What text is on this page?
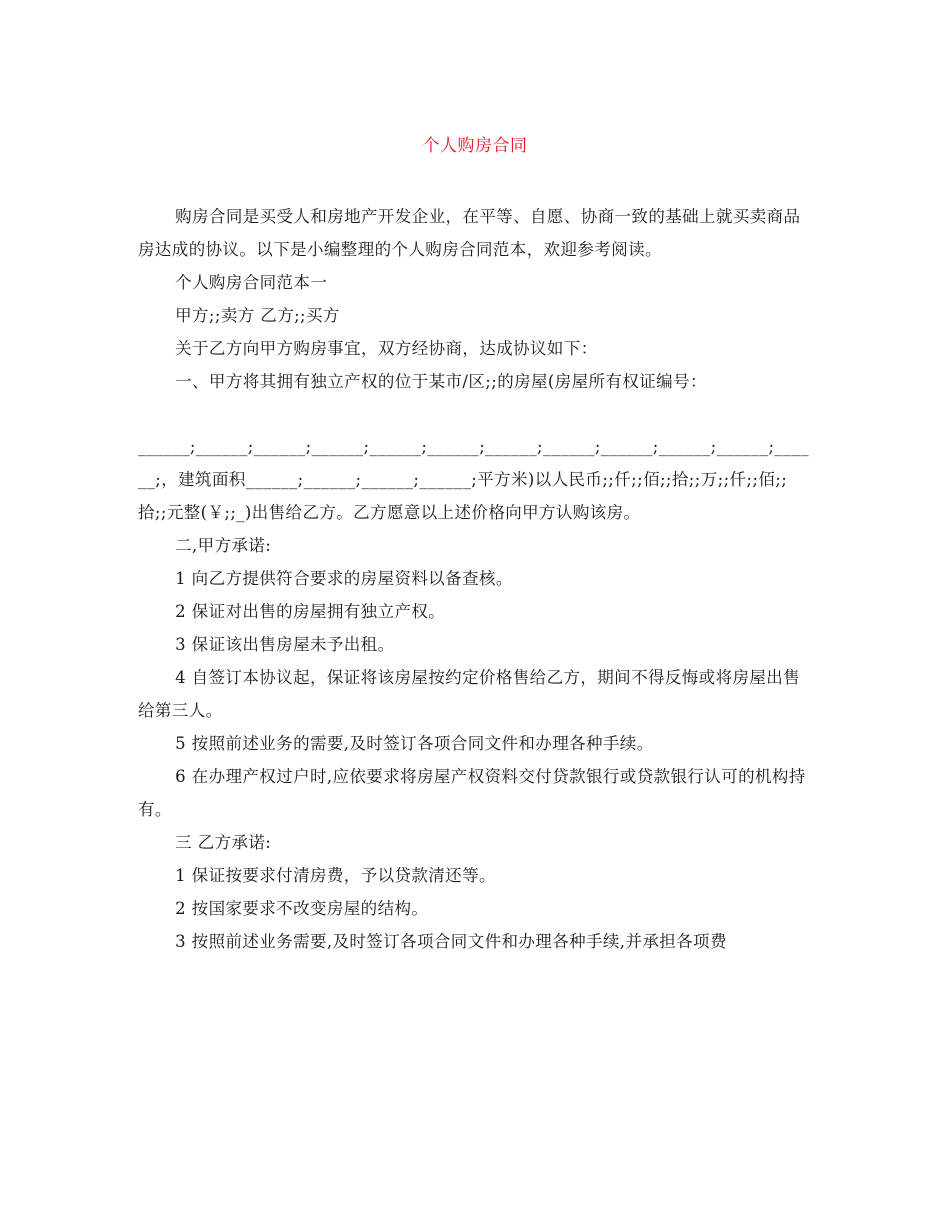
个人购房合同

购房合同是买受人和房地产开发企业，在平等、自愿、协商一致的基础上就买卖商品房达成的协议。以下是小编整理的个人购房合同范本，欢迎参考阅读。

个人购房合同范本一

甲方;;卖方 乙方;;买方

关于乙方向甲方购房事宜，双方经协商，达成协议如下：

一、甲方将其拥有独立产权的位于某市/区;;的房屋(房屋所有权证编号：

______;______;______;______;______;______;______;______;______;______;______;______;，建筑面积______;______;______;______;平方米)以人民币;;仟;;佰;;拾;;万;;仟;;佰;;拾;;元整(￥;;_)出售给乙方。乙方愿意以上述价格向甲方认购该房。

二,甲方承诺:

1 向乙方提供符合要求的房屋资料以备查核。

2 保证对出售的房屋拥有独立产权。

3 保证该出售房屋未予出租。

4 自签订本协议起，保证将该房屋按约定价格售给乙方，期间不得反悔或将房屋出售给第三人。

5 按照前述业务的需要,及时签订各项合同文件和办理各种手续。

6 在办理产权过户时,应依要求将房屋产权资料交付贷款银行或贷款银行认可的机构持有。

三 乙方承诺:

1 保证按要求付清房费，予以贷款清还等。

2 按国家要求不改变房屋的结构。

3 按照前述业务需要,及时签订各项合同文件和办理各种手续,并承担各项费
